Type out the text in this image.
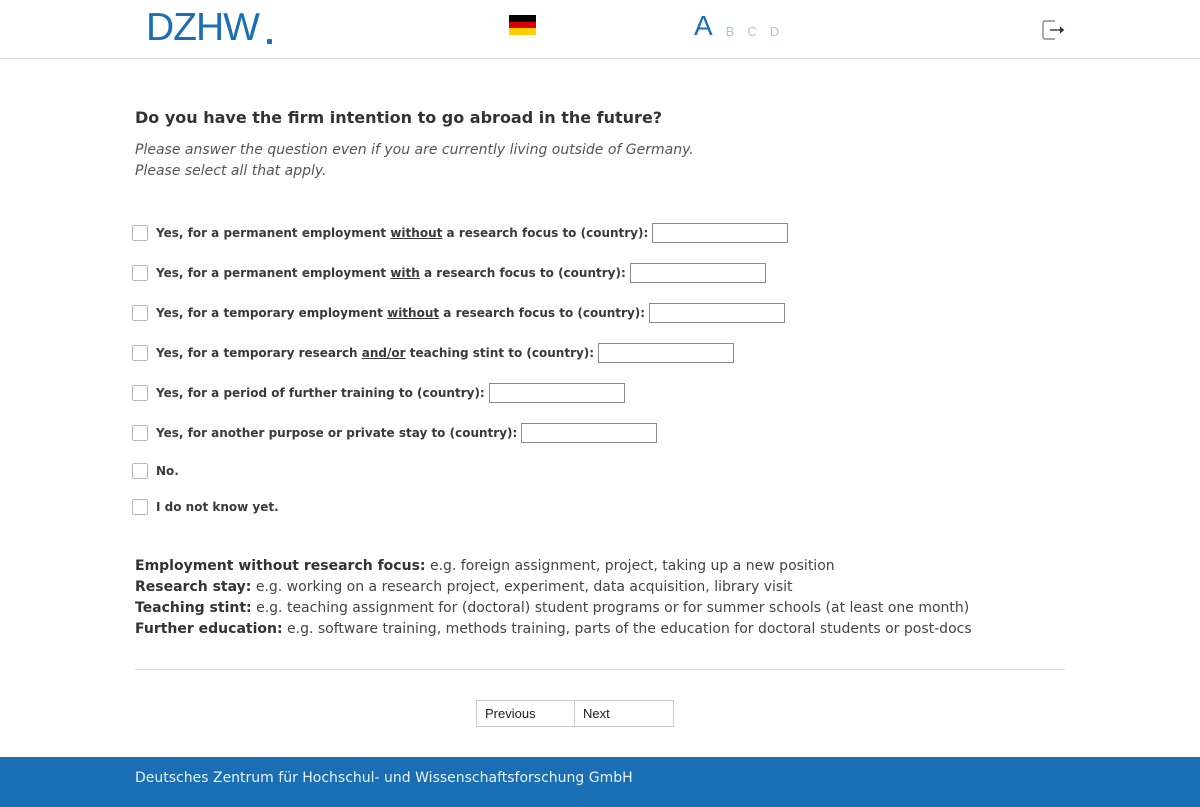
DZHW	A B C D
Do you have the firm intention to go abroad in the future?
Please answer the question even if you are currently living outside of Germany.
Please select all that apply.
Yes, for a permanent employment without a research focus to (country):
Yes, for a permanent employment with a research focus to (country):
Yes, for a temporary employment without a research focus to (country):
Yes, for a temporary research and/or teaching stint to (country):
Yes, for a period of further training to (country):
Yes, for another purpose or private stay to (country):
No.
I do not know yet.
Employment without research focus: e.g. foreign assignment, project, taking up a new position
Research stay: e.g. working on a research project, experiment, data acquisition, library visit
Teaching stint: e.g. teaching assignment for (doctoral) student programs or for summer schools (at least one month)
Further education: e.g. software training, methods training, parts of the education for doctoral students or post-docs
Previous	Next
Deutsches Zentrum für Hochschul- und Wissenschaftsforschung GmbH
